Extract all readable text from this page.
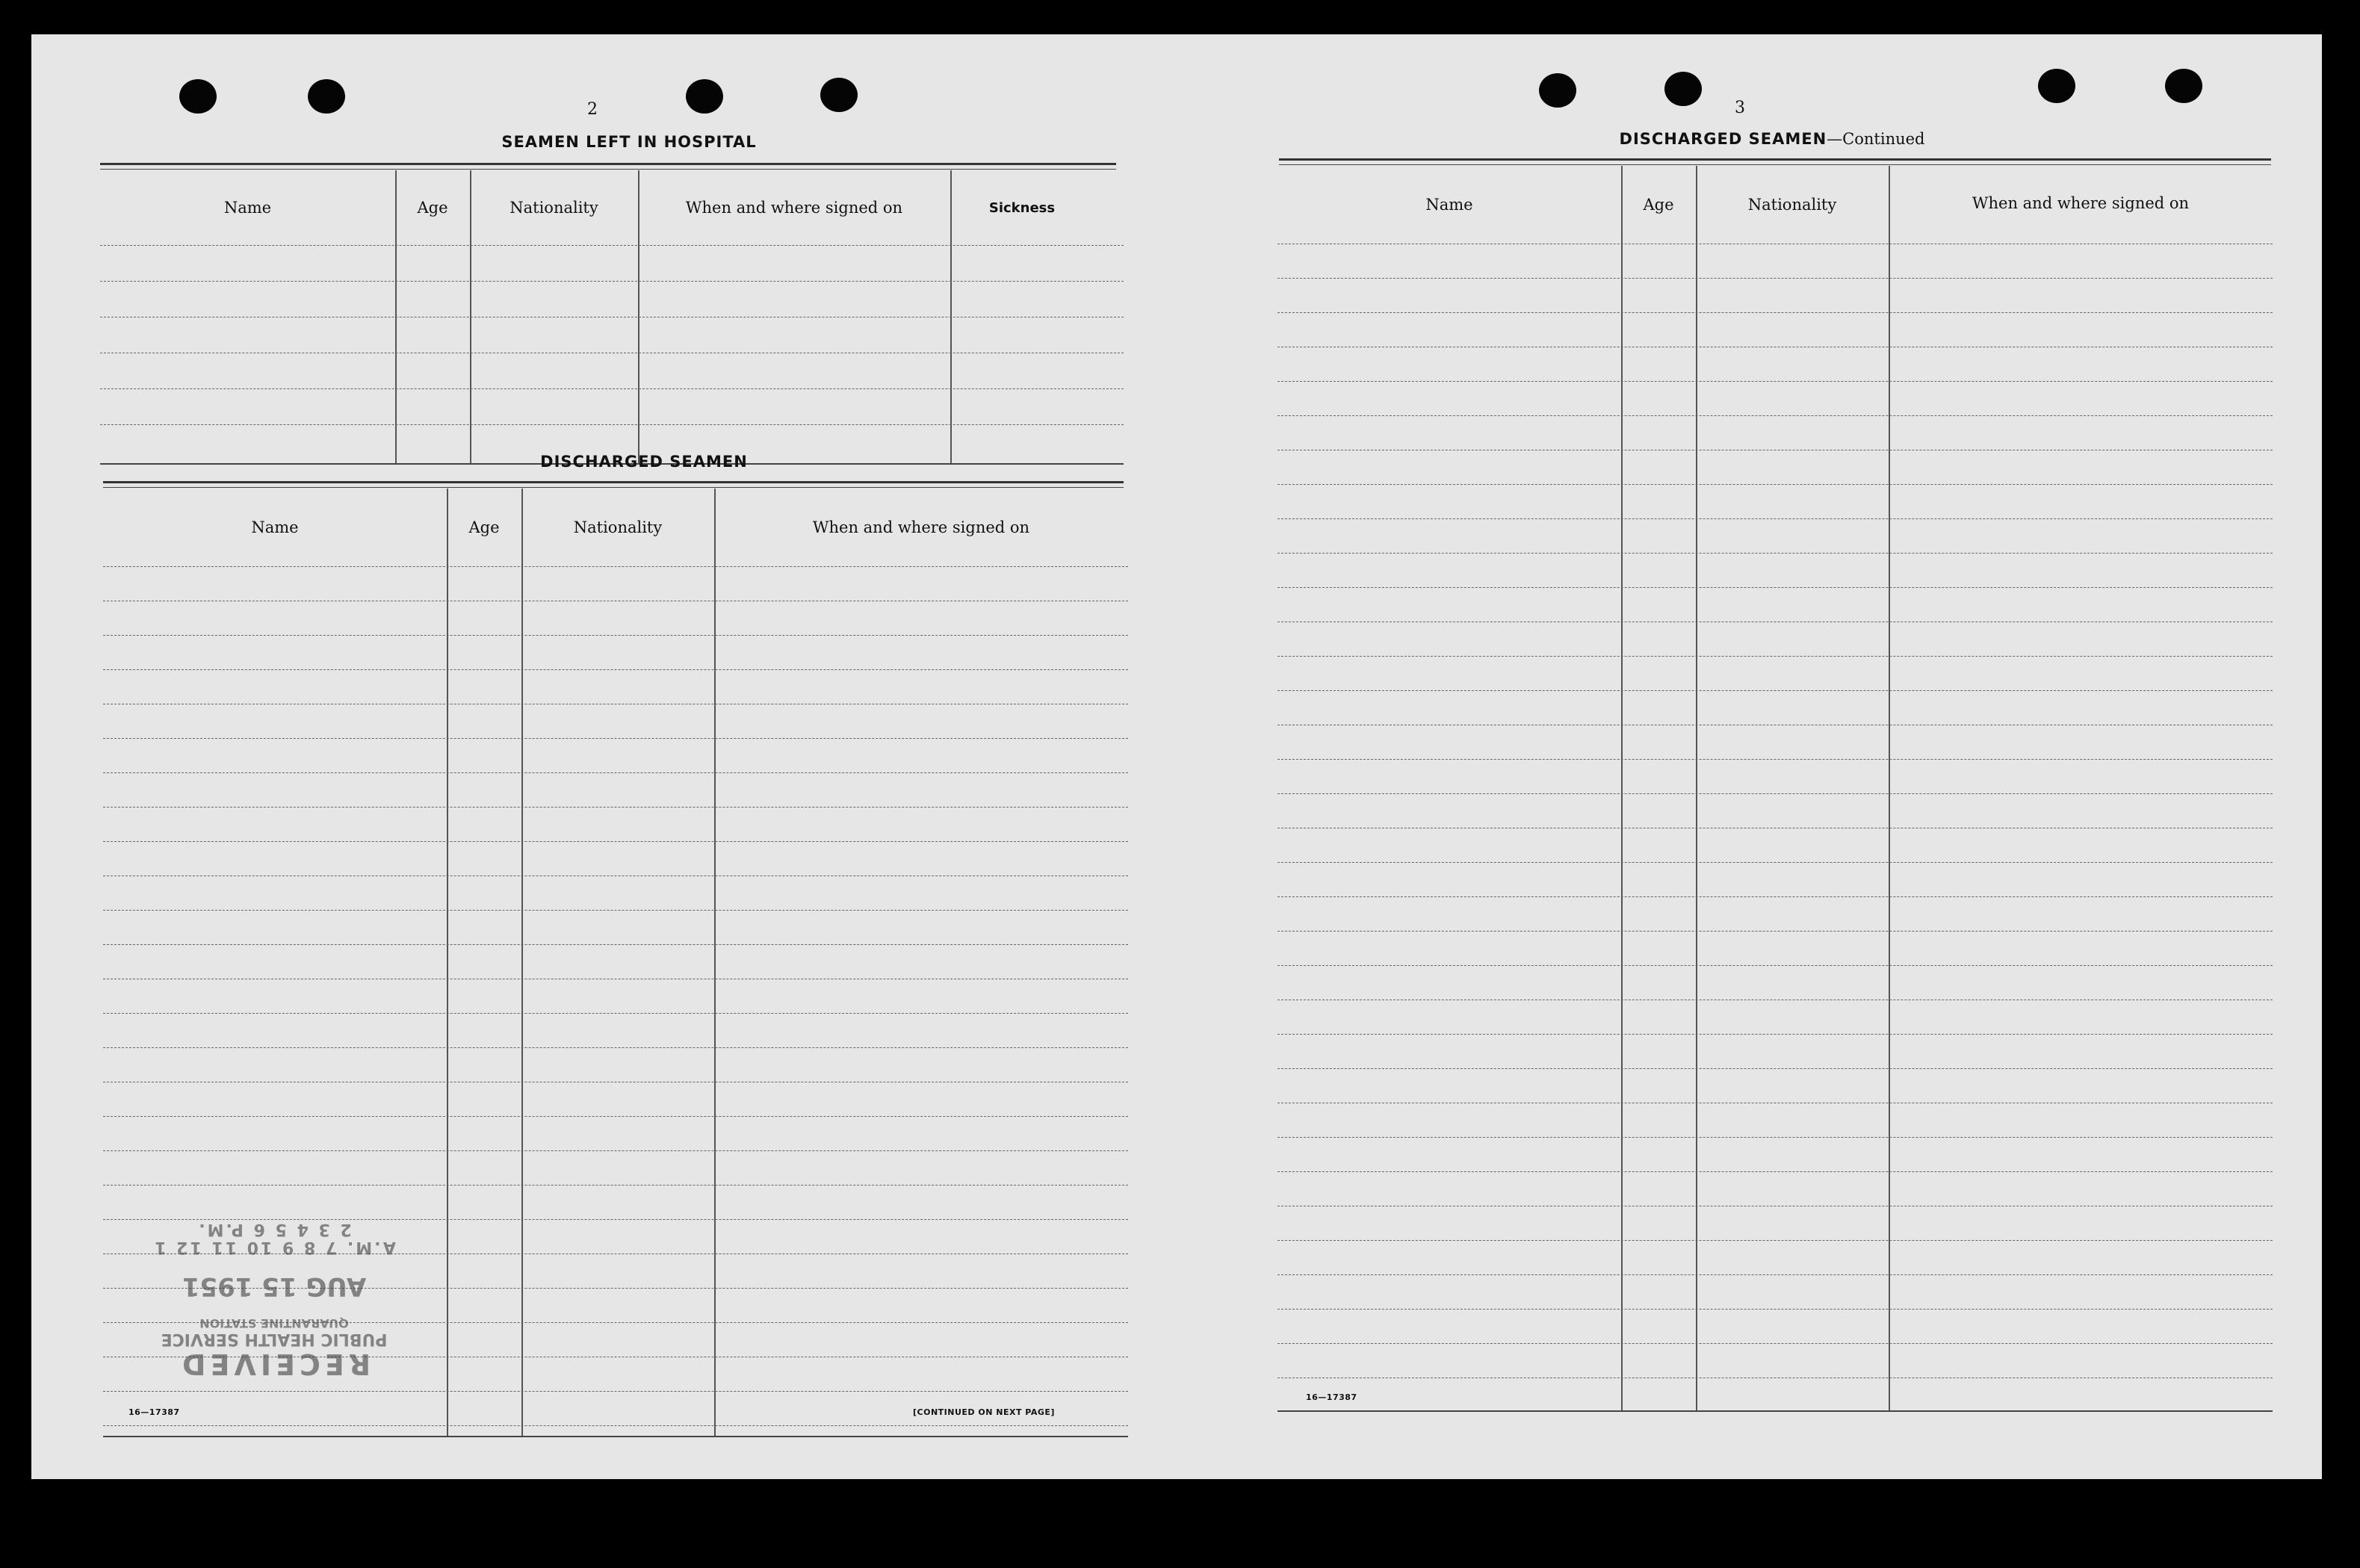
2
SEAMEN LEFT IN HOSPITAL
Name	Age	Nationality	When and where signed on	Sickness
DISCHARGED SEAMEN
Name	Age	Nationality	When and where signed on
RECEIVED
PUBLIC HEALTH SERVICE
QUARANTINE STATION
AUG 15 1951
A.M. 7 8 9 10 11 12 1 2 3 4 5 6 P.M.
16—17387	[CONTINUED ON NEXT PAGE]
3
DISCHARGED SEAMEN—Continued
Name	Age	Nationality	When and where signed on
16—17387
